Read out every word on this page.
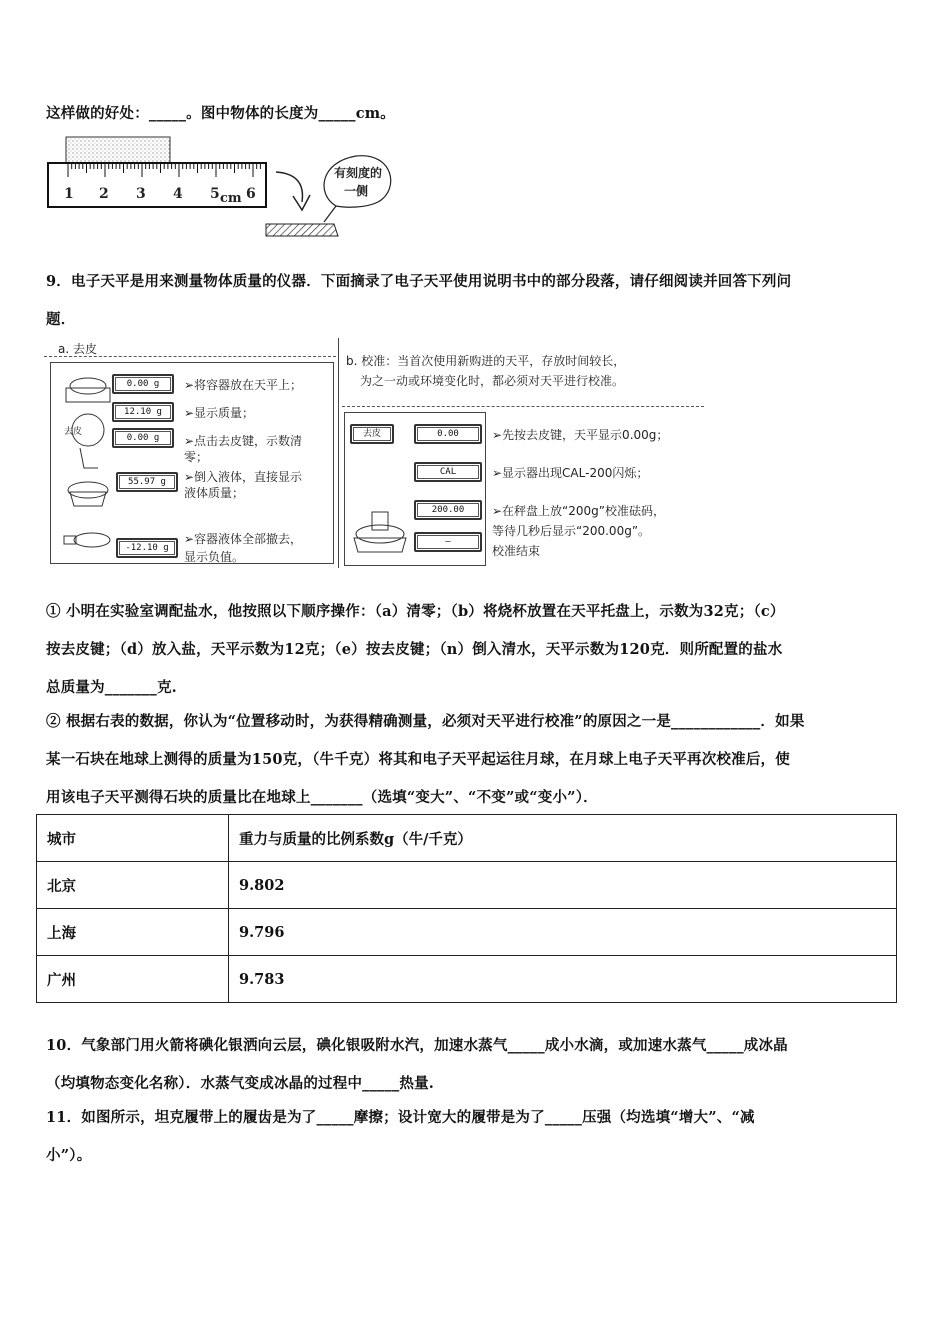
这样做的好处：_____。图中物体的长度为_____cm。
1 2 3 4 5 6
cm
有刻度的
一侧
9．电子天平是用来测量物体质量的仪器．下面摘录了电子天平使用说明书中的部分段落，请仔细阅读并回答下列问
题．
a. 去皮
去皮
0.00 g
12.10 g
0.00 g
55.97 g
-12.10 g
➢将容器放在天平上；
➢显示质量；
➢点击去皮键，示数清
零；
➢倒入液体，直接显示
液体质量；
➢容器液体全部撤去，
显示负值。
b. 校准：当首次使用新购进的天平，存放时间较长，
为之一动或环境变化时，都必须对天平进行校准。
去皮	0.00
CAL
200.00
—
➢先按去皮键，天平显示0.00g；
➢显示器出现CAL-200闪烁；
➢在秤盘上放“200g”校准砝码，
等待几秒后显示“200.00g”。
校准结束
① 小明在实验室调配盐水，他按照以下顺序操作：（a）清零；（b）将烧杯放置在天平托盘上，示数为32克；（c）
按去皮键；（d）放入盐，天平示数为12克；（e）按去皮键；（n）倒入清水，天平示数为120克．则所配置的盐水
总质量为_______克.
② 根据右表的数据，你认为“位置移动时，为获得精确测量，必须对天平进行校准”的原因之一是____________．如果
某一石块在地球上测得的质量为150克，（牛千克）将其和电子天平起运往月球，在月球上电子天平再次校准后，使
用该电子天平测得石块的质量比在地球上_______（选填“变大”、“不变”或“变小”）．
城市	重力与质量的比例系数g（牛/千克）
北京	9.802
上海	9.796
广州	9.783
10．气象部门用火箭将碘化银洒向云层，碘化银吸附水汽，加速水蒸气_____成小水滴，或加速水蒸气_____成冰晶
（均填物态变化名称）．水蒸气变成冰晶的过程中_____热量.
11．如图所示，坦克履带上的履齿是为了_____摩擦；设计宽大的履带是为了_____压强（均选填“增大”、“减
小”）。
